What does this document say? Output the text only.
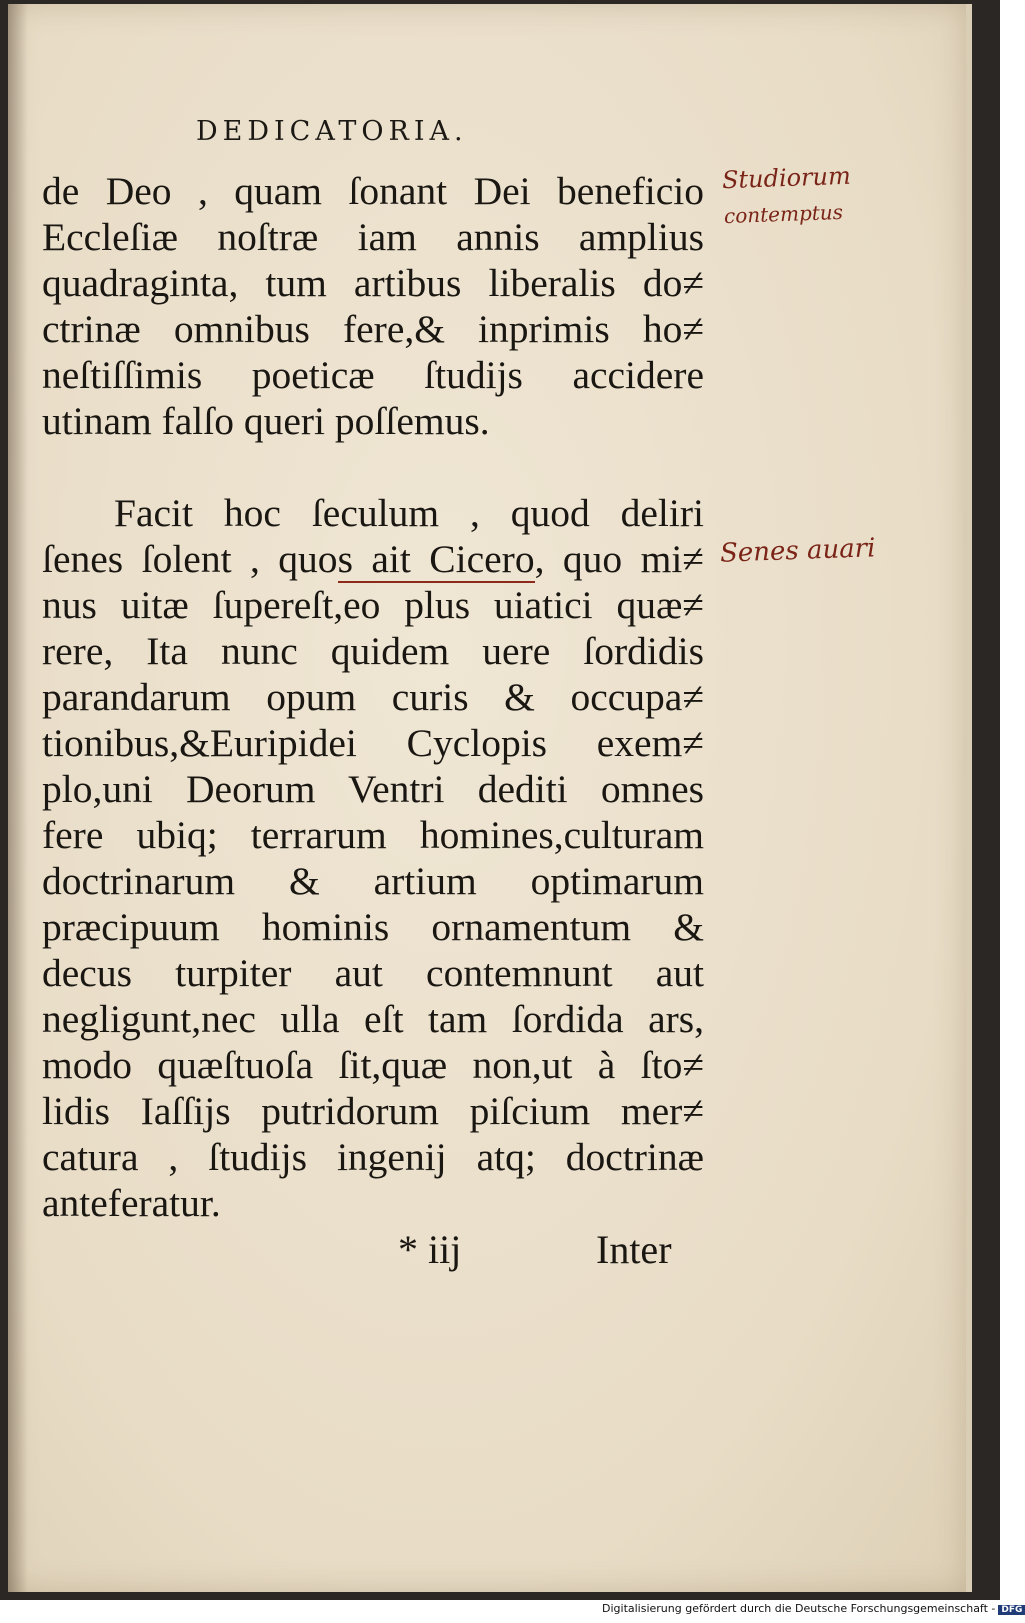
DEDICATORIA.
de Deo , quam ſonant Dei beneficio
Eccleſiæ noſtræ iam annis amplius
quadraginta, tum artibus liberalis do≠
ctrinæ omnibus fere,& inprimis ho≠
neſtiſſimis poeticæ ſtudijs accidere
utinam falſo queri poſſemus.
Facit hoc ſeculum , quod deliri
ſenes ſolent , quos ait Cicero, quo mi≠
nus uitæ ſupereſt,eo plus uiatici quæ≠
rere, Ita nunc quidem uere ſordidis
parandarum opum curis & occupa≠
tionibus,&Euripidei Cyclopis exem≠
plo,uni Deorum Ventri dediti omnes
fere ubiq; terrarum homines,culturam
doctrinarum & artium optimarum
præcipuum hominis ornamentum &
decus turpiter aut contemnunt aut
negligunt,nec ulla eſt tam ſordida ars,
modo quæſtuoſa ſit,quæ non,ut à ſto≠
lidis Iaſſijs putridorum piſcium mer≠
catura , ſtudijs ingenij atq; doctrinæ
anteferatur.
* iij	Inter
Studiorum
contemptus
Senes auari
Digitalisierung gefördert durch die Deutsche Forschungsgemeinschaft - DFG
